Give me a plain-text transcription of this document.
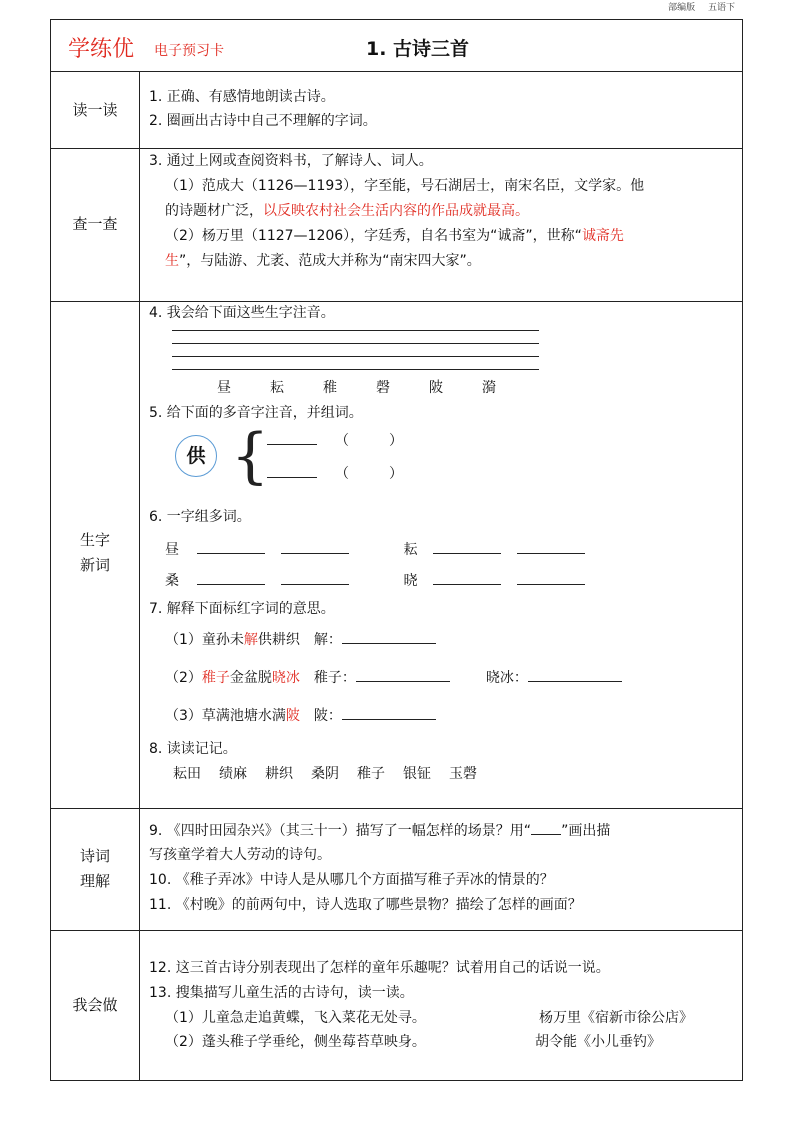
部编版 五语下
学练优 电子预习卡	1. 古诗三首
读一读
1. 正确、有感情地朗读古诗。
2. 圈画出古诗中自己不理解的字词。
查一查
3. 通过上网或查阅资料书，了解诗人、词人。
（1）范成大（1126—1193），字至能，号石湖居士，南宋名臣，文学家。他
的诗题材广泛，以反映农村社会生活内容的作品成就最高。
（2）杨万里（1127—1206），字廷秀，自名书室为“诚斋”，世称“诚斋先
生”，与陆游、尤袤、范成大并称为“南宋四大家”。
生字
新词
4. 我会给下面这些生字注音。
昼	耘	稚	磬	陂	漪
5. 给下面的多音字注音，并组词。
供 {	（	）
（	）
6. 一字组多词。
昼	耘
桑	晓
7. 解释下面标红字词的意思。
（1）童孙未解供耕织 解：
（2）稚子金盆脱晓冰 稚子：	晓冰：
（3）草满池塘水满陂 陂：
8. 读读记记。
耘田 绩麻 耕织 桑阴 稚子 银钲 玉磬
诗词
理解
9. 《四时田园杂兴》（其三十一）描写了一幅怎样的场景？用“ ”画出描
写孩童学着大人劳动的诗句。
10. 《稚子弄冰》中诗人是从哪几个方面描写稚子弄冰的情景的？
11. 《村晚》的前两句中，诗人选取了哪些景物？描绘了怎样的画面？
我会做
12. 这三首古诗分别表现出了怎样的童年乐趣呢？试着用自己的话说一说。
13. 搜集描写儿童生活的古诗句，读一读。
（1）儿童急走追黄蝶，飞入菜花无处寻。	杨万里《宿新市徐公店》
（2）蓬头稚子学垂纶，侧坐莓苔草映身。	胡令能《小儿垂钓》
